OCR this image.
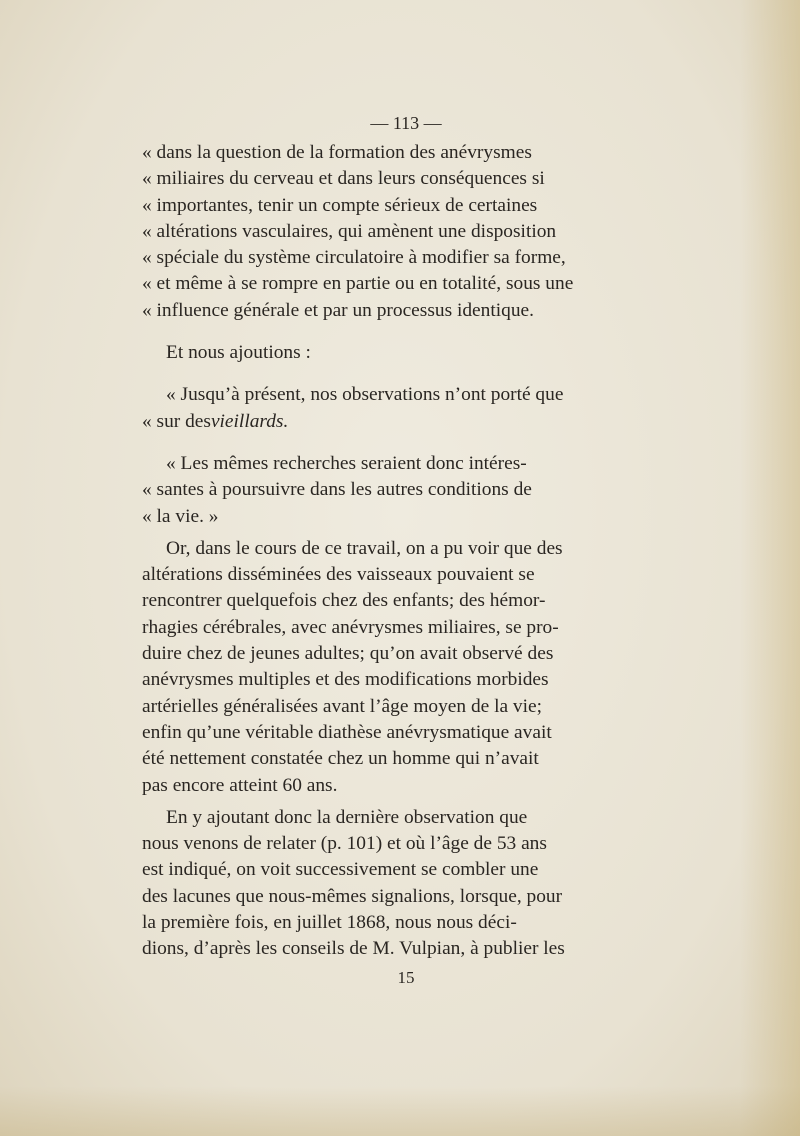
— 113 —
« dans la question de la formation des anévrysmes
« miliaires du cerveau et dans leurs conséquences si
« importantes, tenir un compte sérieux de certaines
« altérations vasculaires, qui amènent une disposition
« spéciale du système circulatoire à modifier sa forme,
« et même à se rompre en partie ou en totalité, sous une
« influence générale et par un processus identique.
Et nous ajoutions :
« Jusqu’à présent, nos observations n’ont porté que
« sur des vieillards.
« Les mêmes recherches seraient donc intéres-
« santes à poursuivre dans les autres conditions de
« la vie. »
Or, dans le cours de ce travail, on a pu voir que des
altérations disséminées des vaisseaux pouvaient se
rencontrer quelquefois chez des enfants; des hémor-
rhagies cérébrales, avec anévrysmes miliaires, se pro-
duire chez de jeunes adultes; qu’on avait observé des
anévrysmes multiples et des modifications morbides
artérielles généralisées avant l’âge moyen de la vie;
enfin qu’une véritable diathèse anévrysmatique avait
été nettement constatée chez un homme qui n’avait
pas encore atteint 60 ans.
En y ajoutant donc la dernière observation que
nous venons de relater (p. 101) et où l’âge de 53 ans
est indiqué, on voit successivement se combler une
des lacunes que nous-mêmes signalions, lorsque, pour
la première fois, en juillet 1868, nous nous déci-
dions, d’après les conseils de M. Vulpian, à publier les
15
